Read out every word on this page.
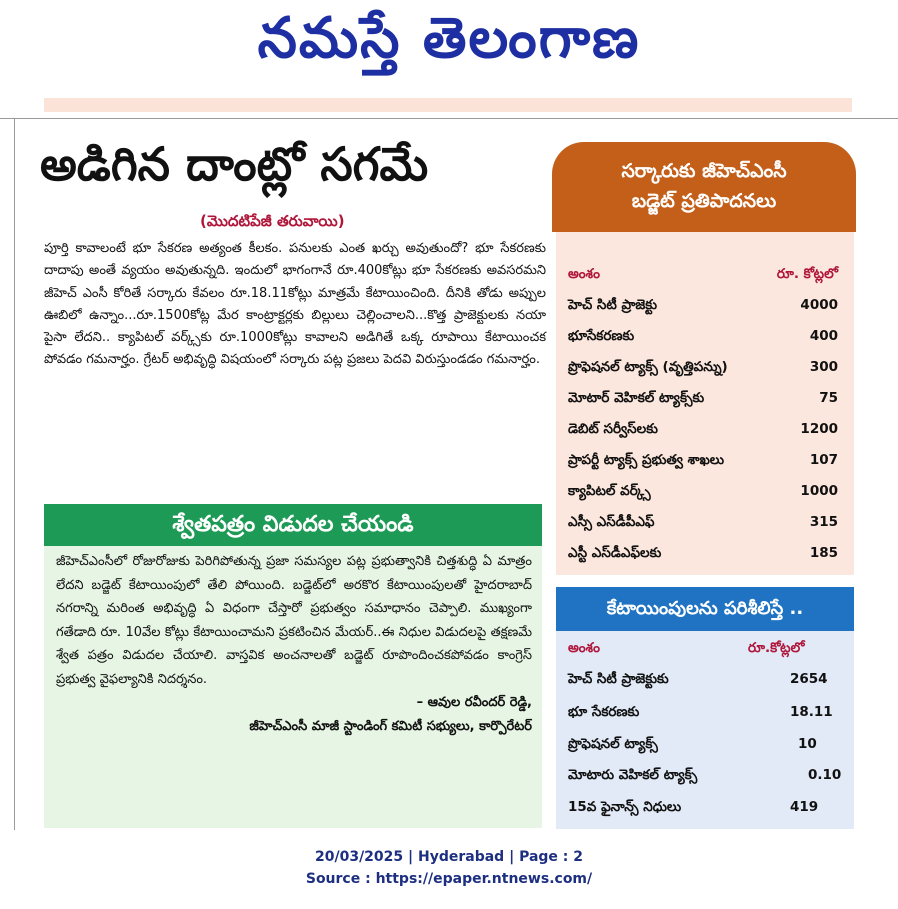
నమస్తే తెలంగాణ
అడిగిన దాంట్లో సగమే
(మొదటిపేజీ తరువాయి)
పూర్తి కావాలంటే భూ సేకరణ అత్యంత కీలకం. పనులకు ఎంత ఖర్చు అవుతుందో? భూ సేకరణకు దాదాపు అంతే వ్యయం అవుతున్నది. ఇందులో భాగంగానే రూ.400కోట్లు భూ సేకరణకు అవసరమని జీహెచ్ ఎంసీ కోరితే సర్కారు కేవలం రూ.18.11కోట్లు మాత్రమే కేటాయించింది. దీనికి తోడు అప్పుల ఊబిలో ఉన్నాం...రూ.1500కోట్ల మేర కాంట్రాక్టర్లకు బిల్లులు చెల్లించాలని...కొత్త ప్రాజెక్టులకు నయా పైసా లేదని.. క్యాపిటల్ వర్క్స్‌కు రూ.1000కోట్లు కావాలని అడిగితే ఒక్క రూపాయి కేటాయించక పోవడం గమనార్హం. గ్రేటర్ అభివృద్ధి విషయంలో సర్కారు పట్ల ప్రజలు పెదవి విరుస్తుండడం గమనార్హం.
శ్వేతపత్రం విడుదల చేయండి
జీహెచ్ఎంసీలో రోజురోజుకు పెరిగిపోతున్న ప్రజా సమస్యల పట్ల ప్రభుత్వానికి చిత్తశుద్ధి ఏ మాత్రం లేదని బడ్జెట్ కేటాయింపులో తేలి పోయింది. బడ్జెట్‌లో అరకొర కేటాయింపులతో హైదరాబాద్ నగరాన్ని మరింత అభివృద్ధి ఏ విధంగా చేస్తారో ప్రభుత్వం సమాధానం చెప్పాలి. ముఖ్యంగా గతేడాది రూ. 10వేల కోట్లు కేటాయించామని ప్రకటించిన మేయర్..ఈ నిధుల విడుదలపై తక్షణమే శ్వేత పత్రం విడుదల చేయాలి. వాస్తవిక అంచనాలతో బడ్జెట్ రూపొందించకపోవడం కాంగ్రెస్ ప్రభుత్వ వైఫల్యానికి నిదర్శనం.
– ఆవుల రవీందర్ రెడ్డి,
జీహెచ్ఎంసీ మాజీ స్టాండింగ్ కమిటీ సభ్యులు, కార్పొరేటర్
సర్కారుకు జీహెచ్ఎంసీ
బడ్జెట్ ప్రతిపాదనలు
అంశం	రూ. కోట్లలో
హెచ్ సిటీ ప్రాజెక్టు	4000
భూసేకరణకు	400
ప్రొఫెషనల్ ట్యాక్స్ (వృత్తిపన్ను)	300
మోటార్ వెహికల్ ట్యాక్స్‌కు	75
డెబిట్ సర్వీస్‌లకు	1200
ప్రాపర్టీ ట్యాక్స్ ప్రభుత్వ శాఖలు	107
క్యాపిటల్ వర్క్స్	1000
ఎస్సీ ఎస్‌డీపీఎఫ్	315
ఎస్టీ ఎస్‌డీఎఫ్‌లకు	185
కేటాయింపులను పరిశీలిస్తే ..
అంశం	రూ.కోట్లలో
హెచ్ సిటీ ప్రాజెక్టుకు	2654
భూ సేకరణకు	18.11
ప్రొఫెషనల్ ట్యాక్స్	10
మోటారు వెహికల్ ట్యాక్స్	0.10
15వ ఫైనాన్స్ నిధులు	419
20/03/2025 | Hyderabad | Page : 2
Source : https://epaper.ntnews.com/
